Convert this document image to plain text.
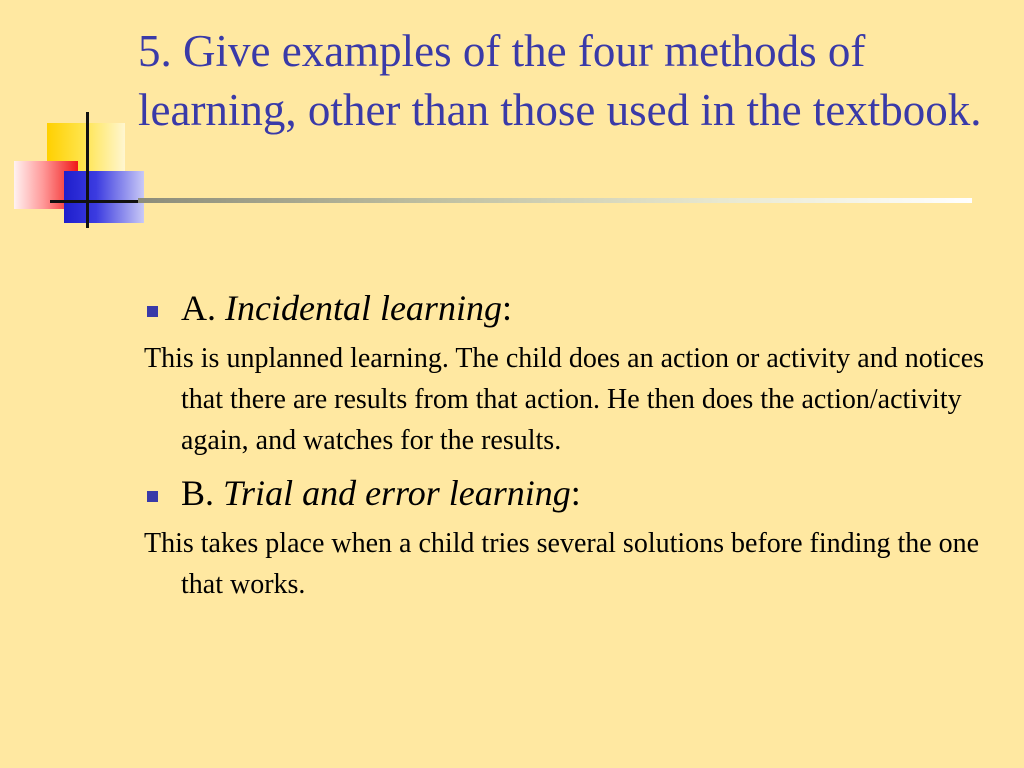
5. Give examples of the four methods of learning, other than those used in the textbook.
A. Incidental learning:

This is unplanned learning. The child does an action or activity and notices that there are results from that action. He then does the action/activity again, and watches for the results.

B. Trial and error learning:

This takes place when a child tries several solutions before finding the one that works.
